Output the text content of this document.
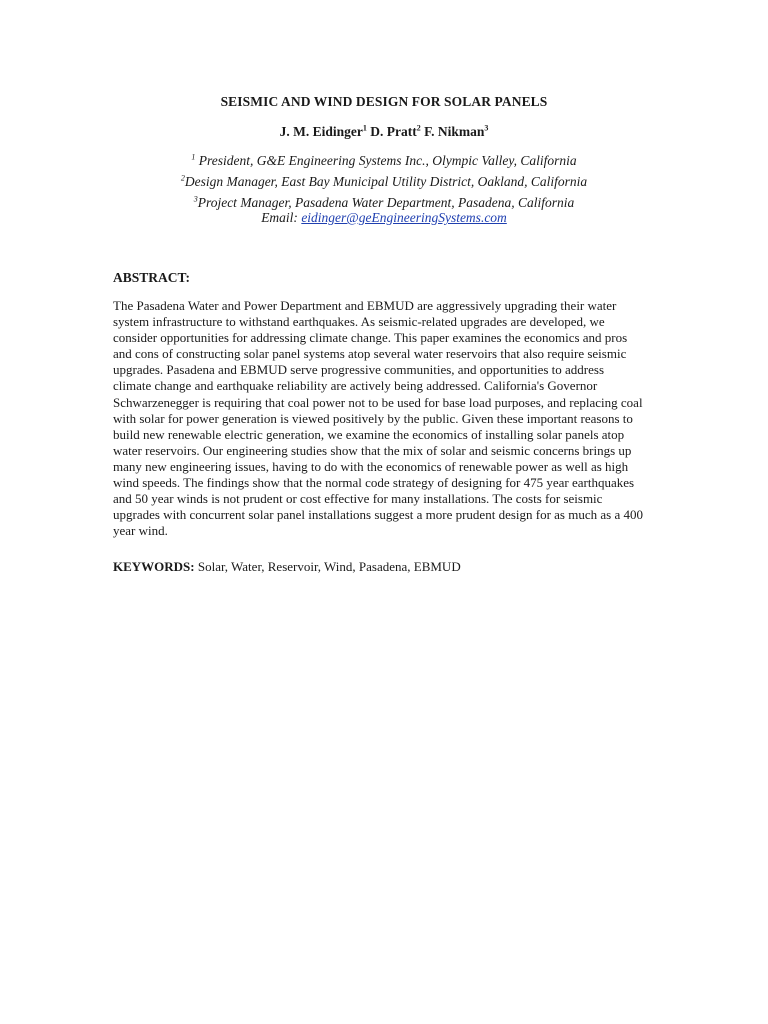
SEISMIC AND WIND DESIGN FOR SOLAR PANELS
J. M. Eidinger$^1$ D. Pratt$^2$ F. Nikman$^3$
$^1$ President, G&E Engineering Systems Inc., Olympic Valley, California
$^2$Design Manager, East Bay Municipal Utility District, Oakland, California
$^3$Project Manager, Pasadena Water Department, Pasadena, California
Email: eidinger@geEngineeringSystems.com
ABSTRACT:
The Pasadena Water and Power Department and EBMUD are aggressively upgrading their water system infrastructure to withstand earthquakes. As seismic-related upgrades are developed, we consider opportunities for addressing climate change. This paper examines the economics and pros and cons of constructing solar panel systems atop several water reservoirs that also require seismic upgrades. Pasadena and EBMUD serve progressive communities, and opportunities to address climate change and earthquake reliability are actively being addressed. California's Governor Schwarzenegger is requiring that coal power not to be used for base load purposes, and replacing coal with solar for power generation is viewed positively by the public. Given these important reasons to build new renewable electric generation, we examine the economics of installing solar panels atop water reservoirs. Our engineering studies show that the mix of solar and seismic concerns brings up many new engineering issues, having to do with the economics of renewable power as well as high wind speeds. The findings show that the normal code strategy of designing for 475 year earthquakes and 50 year winds is not prudent or cost effective for many installations. The costs for seismic upgrades with concurrent solar panel installations suggest a more prudent design for as much as a 400 year wind.
KEYWORDS: Solar, Water, Reservoir, Wind, Pasadena, EBMUD
